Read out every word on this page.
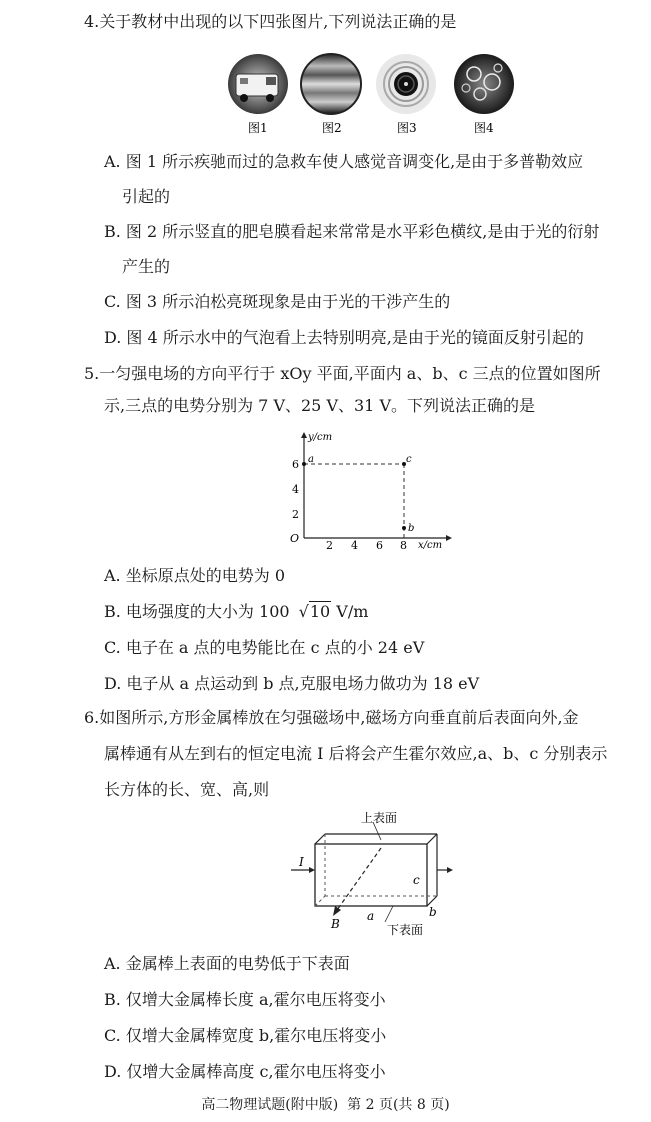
4.关于教材中出现的以下四张图片,下列说法正确的是
图1	图2	图3	图4
A. 图 1 所示疾驰而过的急救车使人感觉音调变化,是由于多普勒效应
引起的
B. 图 2 所示竖直的肥皂膜看起来常常是水平彩色横纹,是由于光的衍射
产生的
C. 图 3 所示泊松亮斑现象是由于光的干涉产生的
D. 图 4 所示水中的气泡看上去特别明亮,是由于光的镜面反射引起的
5.一匀强电场的方向平行于 xOy 平面,平面内 a、b、c 三点的位置如图所
示,三点的电势分别为 7 V、25 V、31 V。下列说法正确的是
y/cm
x/cm
O
a	c
b
2 4 6 8
2
4
6
A. 坐标原点处的电势为 0
B. 电场强度的大小为 100 √10 V/m
C. 电子在 a 点的电势能比在 c 点的小 24 eV
D. 电子从 a 点运动到 b 点,克服电场力做功为 18 eV
6.如图所示,方形金属棒放在匀强磁场中,磁场方向垂直前后表面向外,金
属棒通有从左到右的恒定电流 I 后将会产生霍尔效应,a、b、c 分别表示
长方体的长、宽、高,则
上表面
下表面
I
B
a	b
c
A. 金属棒上表面的电势低于下表面
B. 仅增大金属棒长度 a,霍尔电压将变小
C. 仅增大金属棒宽度 b,霍尔电压将变小
D. 仅增大金属棒高度 c,霍尔电压将变小
高二物理试题(附中版)  第 2 页(共 8 页)
